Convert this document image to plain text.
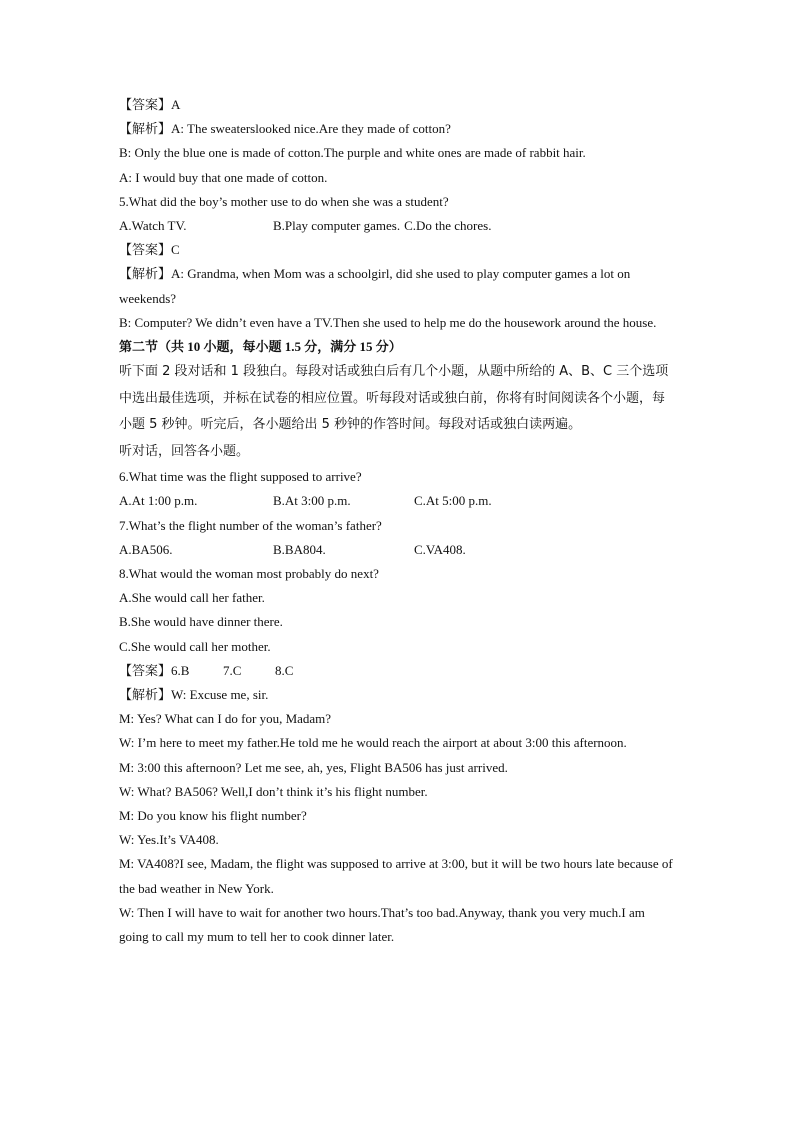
【答案】A
【解析】A: The sweaterslooked nice.Are they made of cotton?
B: Only the blue one is made of cotton.The purple and white ones are made of rabbit hair.
A: I would buy that one made of cotton.
5.What did the boy’s mother use to do when she was a student?
A.Watch TV.	B.Play computer games. C.Do the chores.
【答案】C
【解析】A: Grandma, when Mom was a schoolgirl, did she used to play computer games a lot on weekends?
B: Computer? We didn’t even have a TV.Then she used to help me do the housework around the house.
第二节（共 10 小题，每小题 1.5 分，满分 15 分）
听下面 2 段对话和 1 段独白。每段对话或独白后有几个小题，从题中所给的 A、B、C 三个选项中选出最佳选项，并标在试卷的相应位置。听每段对话或独白前，你将有时间阅读各个小题，每小题 5 秒钟。听完后，各小题给出 5 秒钟的作答时间。每段对话或独白读两遍。
听对话，回答各小题。
6.What time was the flight supposed to arrive?
A.At 1:00 p.m.	B.At 3:00 p.m.	C.At 5:00 p.m.
7.What’s the flight number of the woman’s father?
A.BA506.	B.BA804.	C.VA408.
8.What would the woman most probably do next?
A.She would call her father.
B.She would have dinner there.
C.She would call her mother.
【答案】6.B	7.C	8.C
【解析】W: Excuse me, sir.
M: Yes? What can I do for you, Madam?
W: I’m here to meet my father.He told me he would reach the airport at about 3:00 this afternoon.
M: 3:00 this afternoon? Let me see, ah, yes, Flight BA506 has just arrived.
W: What? BA506? Well,I don’t think it’s his flight number.
M: Do you know his flight number?
W: Yes.It’s VA408.
M: VA408?I see, Madam, the flight was supposed to arrive at 3:00, but it will be two hours late because of the bad weather in New York.
W: Then I will have to wait for another two hours.That’s too bad.Anyway, thank you very much.I am going to call my mum to tell her to cook dinner later.
